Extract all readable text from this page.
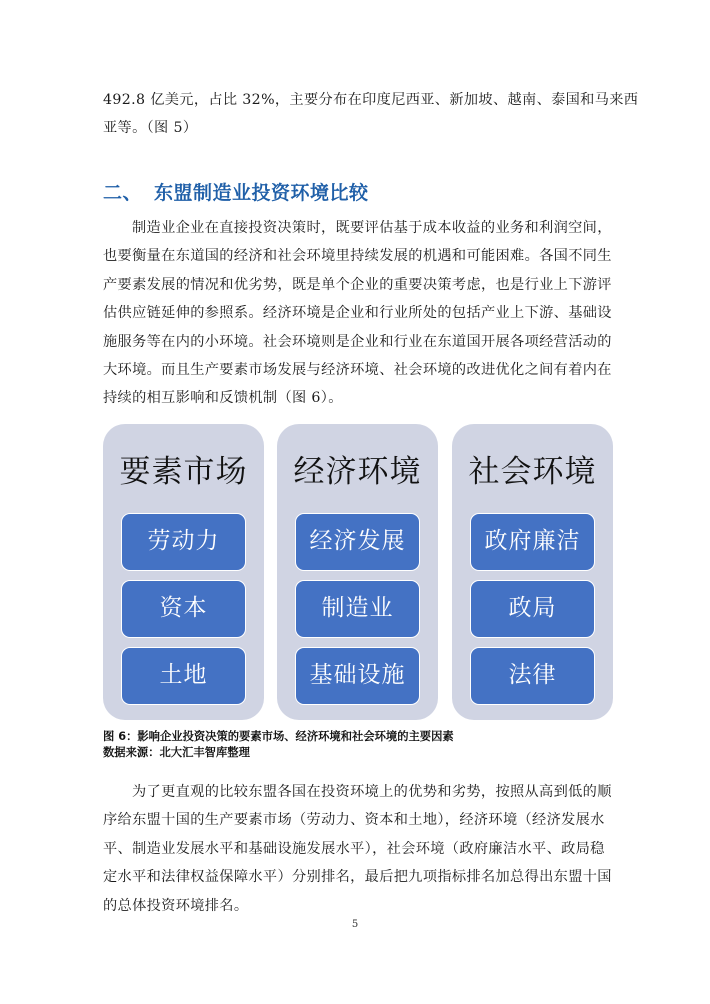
492.8 亿美元，占比 32%，主要分布在印度尼西亚、新加坡、越南、泰国和马来西
亚等。（图 5）

二、 东盟制造业投资环境比较

制造业企业在直接投资决策时，既要评估基于成本收益的业务和利润空间，
也要衡量在东道国的经济和社会环境里持续发展的机遇和可能困难。各国不同生
产要素发展的情况和优劣势，既是单个企业的重要决策考虑，也是行业上下游评
估供应链延伸的参照系。经济环境是企业和行业所处的包括产业上下游、基础设
施服务等在内的小环境。社会环境则是企业和行业在东道国开展各项经营活动的
大环境。而且生产要素市场发展与经济环境、社会环境的改进优化之间有着内在
持续的相互影响和反馈机制（图 6）。

要素市场
劳动力
资本
土地
经济环境
经济发展
制造业
基础设施
社会环境
政府廉洁
政局
法律

图 6：影响企业投资决策的要素市场、经济环境和社会环境的主要因素
数据来源：北大汇丰智库整理

为了更直观的比较东盟各国在投资环境上的优势和劣势，按照从高到低的顺
序给东盟十国的生产要素市场（劳动力、资本和土地），经济环境（经济发展水
平、制造业发展水平和基础设施发展水平），社会环境（政府廉洁水平、政局稳
定水平和法律权益保障水平）分别排名，最后把九项指标排名加总得出东盟十国
的总体投资环境排名。

5
